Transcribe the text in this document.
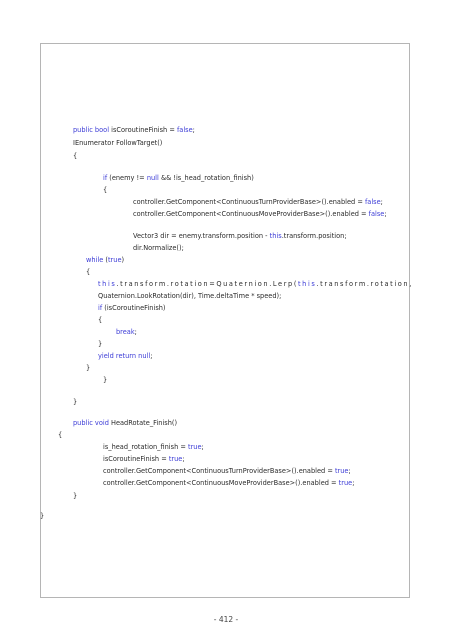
public bool isCoroutineFinish = false;
IEnumerator FollowTarget()
{
if (enemy != null && !is_head_rotation_finish)
{
controller.GetComponent<ContinuousTurnProviderBase>().enabled = false;
controller.GetComponent<ContinuousMoveProviderBase>().enabled = false;
Vector3 dir = enemy.transform.position - this.transform.position;
dir.Normalize();
while (true)
{
this.transform.rotation=Quaternion.Lerp(this.transform.rotation,
Quaternion.LookRotation(dir), Time.deltaTime * speed);
if (isCoroutineFinish)
{
break;
}
yield return null;
}
}
}
public void HeadRotate_Finish()
{
is_head_rotation_finish = true;
isCoroutineFinish = true;
controller.GetComponent<ContinuousTurnProviderBase>().enabled = true;
controller.GetComponent<ContinuousMoveProviderBase>().enabled = true;
}
}
- 412 -
